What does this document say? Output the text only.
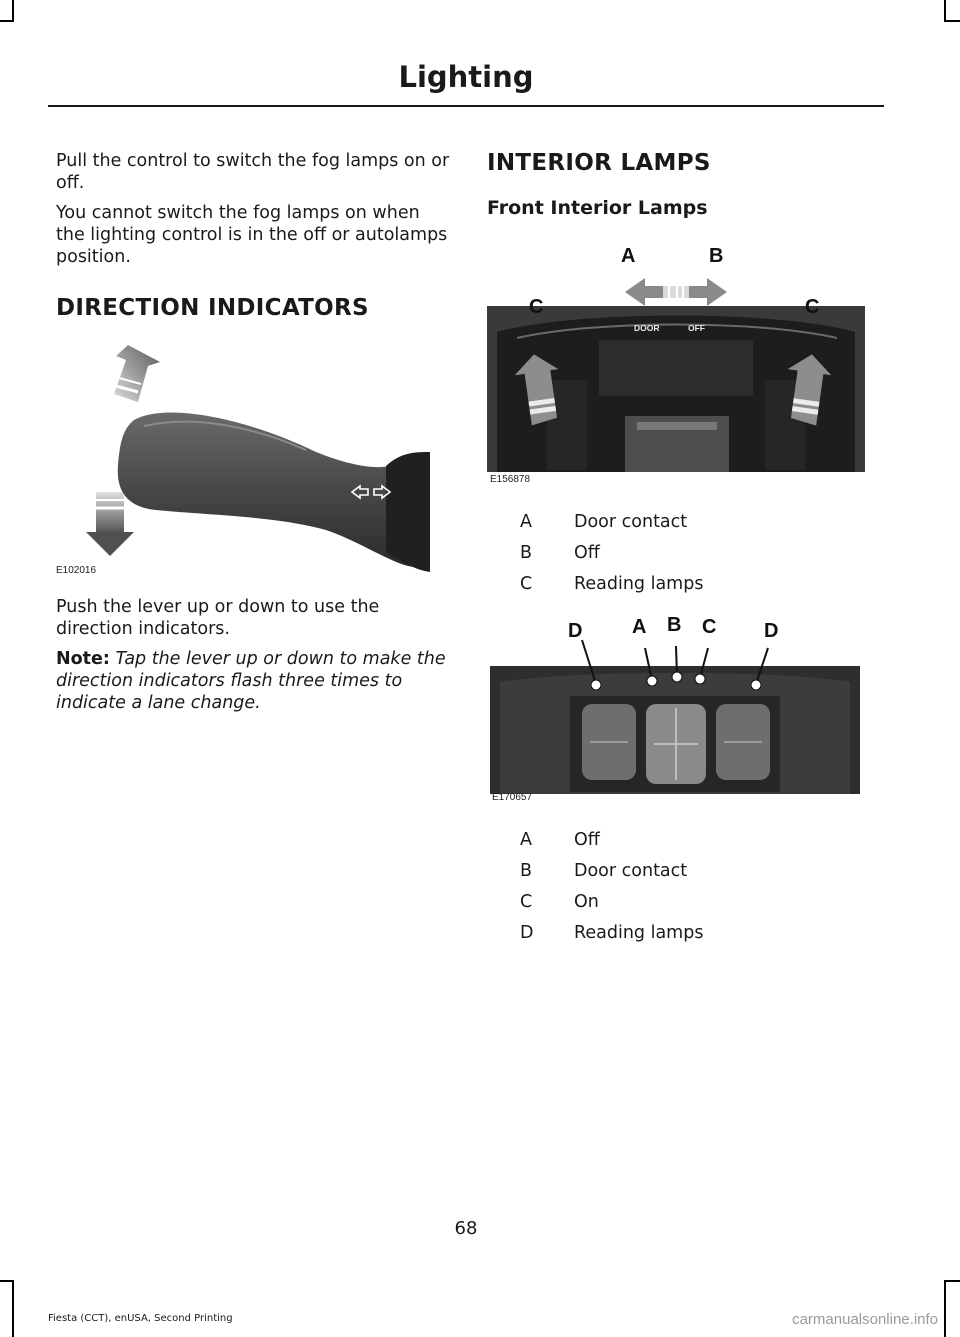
Lighting
Pull the control to switch the fog lamps on or off.
You cannot switch the fog lamps on when the lighting control is in the off or autolamps position.
DIRECTION INDICATORS
E102016
Push the lever up or down to use the direction indicators.
Note: Tap the lever up or down to make the direction indicators flash three times to indicate a lane change.
INTERIOR LAMPS
Front Interior Lamps
DOOR	OFF
A	B
C	C
E156878
A Door contact
B Off
C Reading lamps
D A B C D
E170657
A Off
B Door contact
C On
D Reading lamps
68
Fiesta (CCT), enUSA, Second Printing	carmanualsonline.info
